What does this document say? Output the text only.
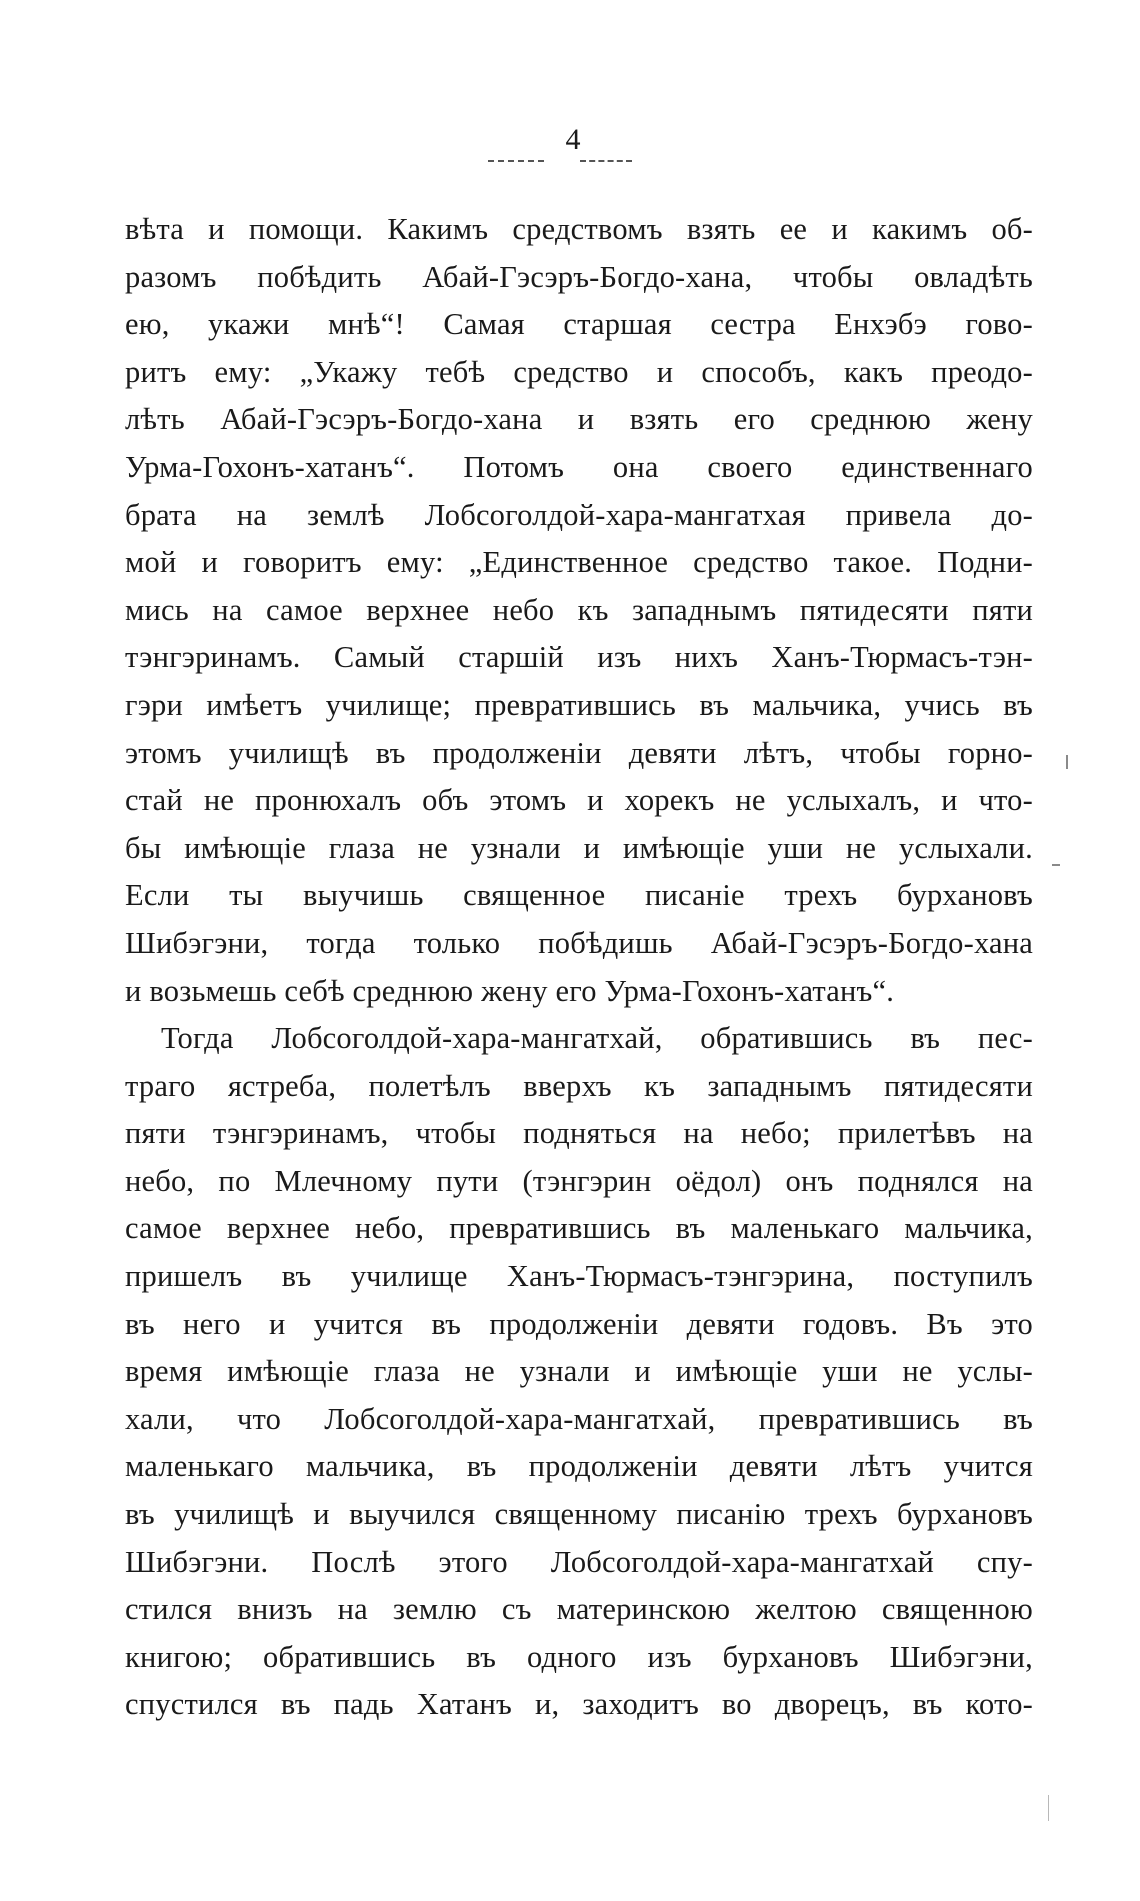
4
вѣта и помощи. Какимъ средствомъ взять ее и какимъ об-
разомъ побѣдить Абай-Гэсэръ-Богдо-хана, чтобы овладѣть
ею, укажи мнѣ“! Самая старшая сестра Енхэбэ гово-
ритъ ему: „Укажу тебѣ средство и способъ, какъ преодо-
лѣть Абай-Гэсэръ-Богдо-хана и взять его среднюю жену
Урма-Гохонъ-хатанъ“. Потомъ она своего единственнаго
брата на землѣ Лобсоголдой-хара-мангатхая привела до-
мой и говоритъ ему: „Единственное средство такое. Подни-
мись на самое верхнее небо къ западнымъ пятидесяти пяти
тэнгэринамъ. Самый старшій изъ нихъ Ханъ-Тюрмасъ-тэн-
гэри имѣетъ училище; превратившись въ мальчика, учись въ
этомъ училищѣ въ продолженіи девяти лѣтъ, чтобы горно-
стай не пронюхалъ объ этомъ и хорекъ не услыхалъ, и что-
бы имѣющіе глаза не узнали и имѣющіе уши не услыхали.
Если ты выучишь священное писаніе трехъ бурхановъ
Шибэгэни, тогда только побѣдишь Абай-Гэсэръ-Богдо-хана
и возьмешь себѣ среднюю жену его Урма-Гохонъ-хатанъ“.
Тогда Лобсоголдой-хара-мангатхай, обратившись въ пес-
траго ястреба, полетѣлъ вверхъ къ западнымъ пятидесяти
пяти тэнгэринамъ, чтобы подняться на небо; прилетѣвъ на
небо, по Млечному пути (тэнгэрин оёдол) онъ поднялся на
самое верхнее небо, превратившись въ маленькаго мальчика,
пришелъ въ училище Ханъ-Тюрмасъ-тэнгэрина, поступилъ
въ него и учится въ продолженіи девяти годовъ. Въ это
время имѣющіе глаза не узнали и имѣющіе уши не услы-
хали, что Лобсоголдой-хара-мангатхай, превратившись въ
маленькаго мальчика, въ продолженіи девяти лѣтъ учится
въ училищѣ и выучился священному писанію трехъ бурхановъ
Шибэгэни. Послѣ этого Лобсоголдой-хара-мангатхай спу-
стился внизъ на землю съ материнскою желтою священною
книгою; обратившись въ одного изъ бурхановъ Шибэгэни,
спустился въ падь Хатанъ и, заходитъ во дворецъ, въ кото-
